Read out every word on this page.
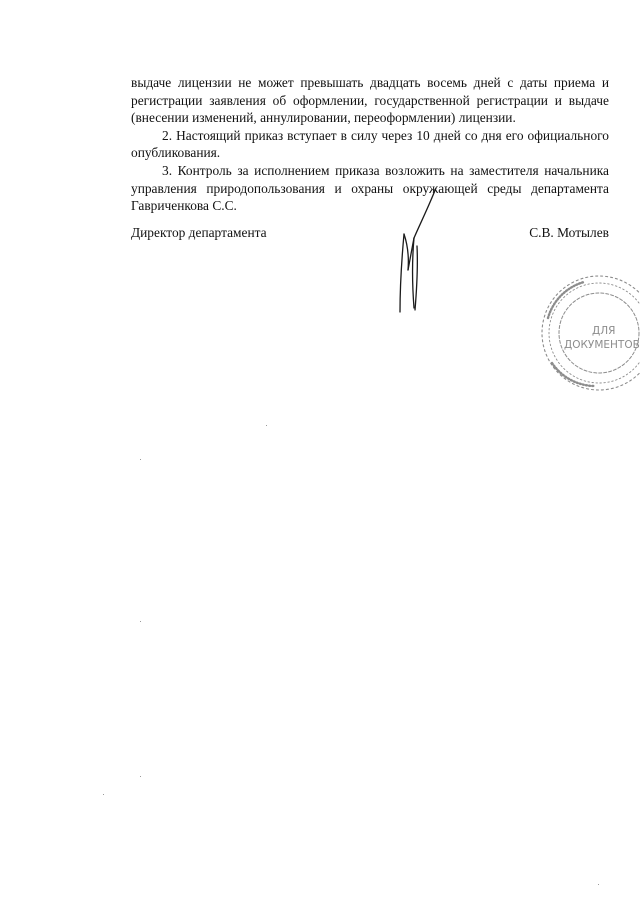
выдаче лицензии не может превышать двадцать восемь дней с даты приема и регистрации заявления об оформлении, государственной регистрации и выдаче (внесении изменений, аннулировании, переоформлении) лицензии.

2. Настоящий приказ вступает в силу через 10 дней со дня его официального опубликования.

3. Контроль за исполнением приказа возложить на заместителя начальника управления природопользования и охраны окружающей среды департамента Гавриченкова С.С.

Директор департамента	С.В. Мотылев
ДЛЯ
ДОКУМЕНТОВ
